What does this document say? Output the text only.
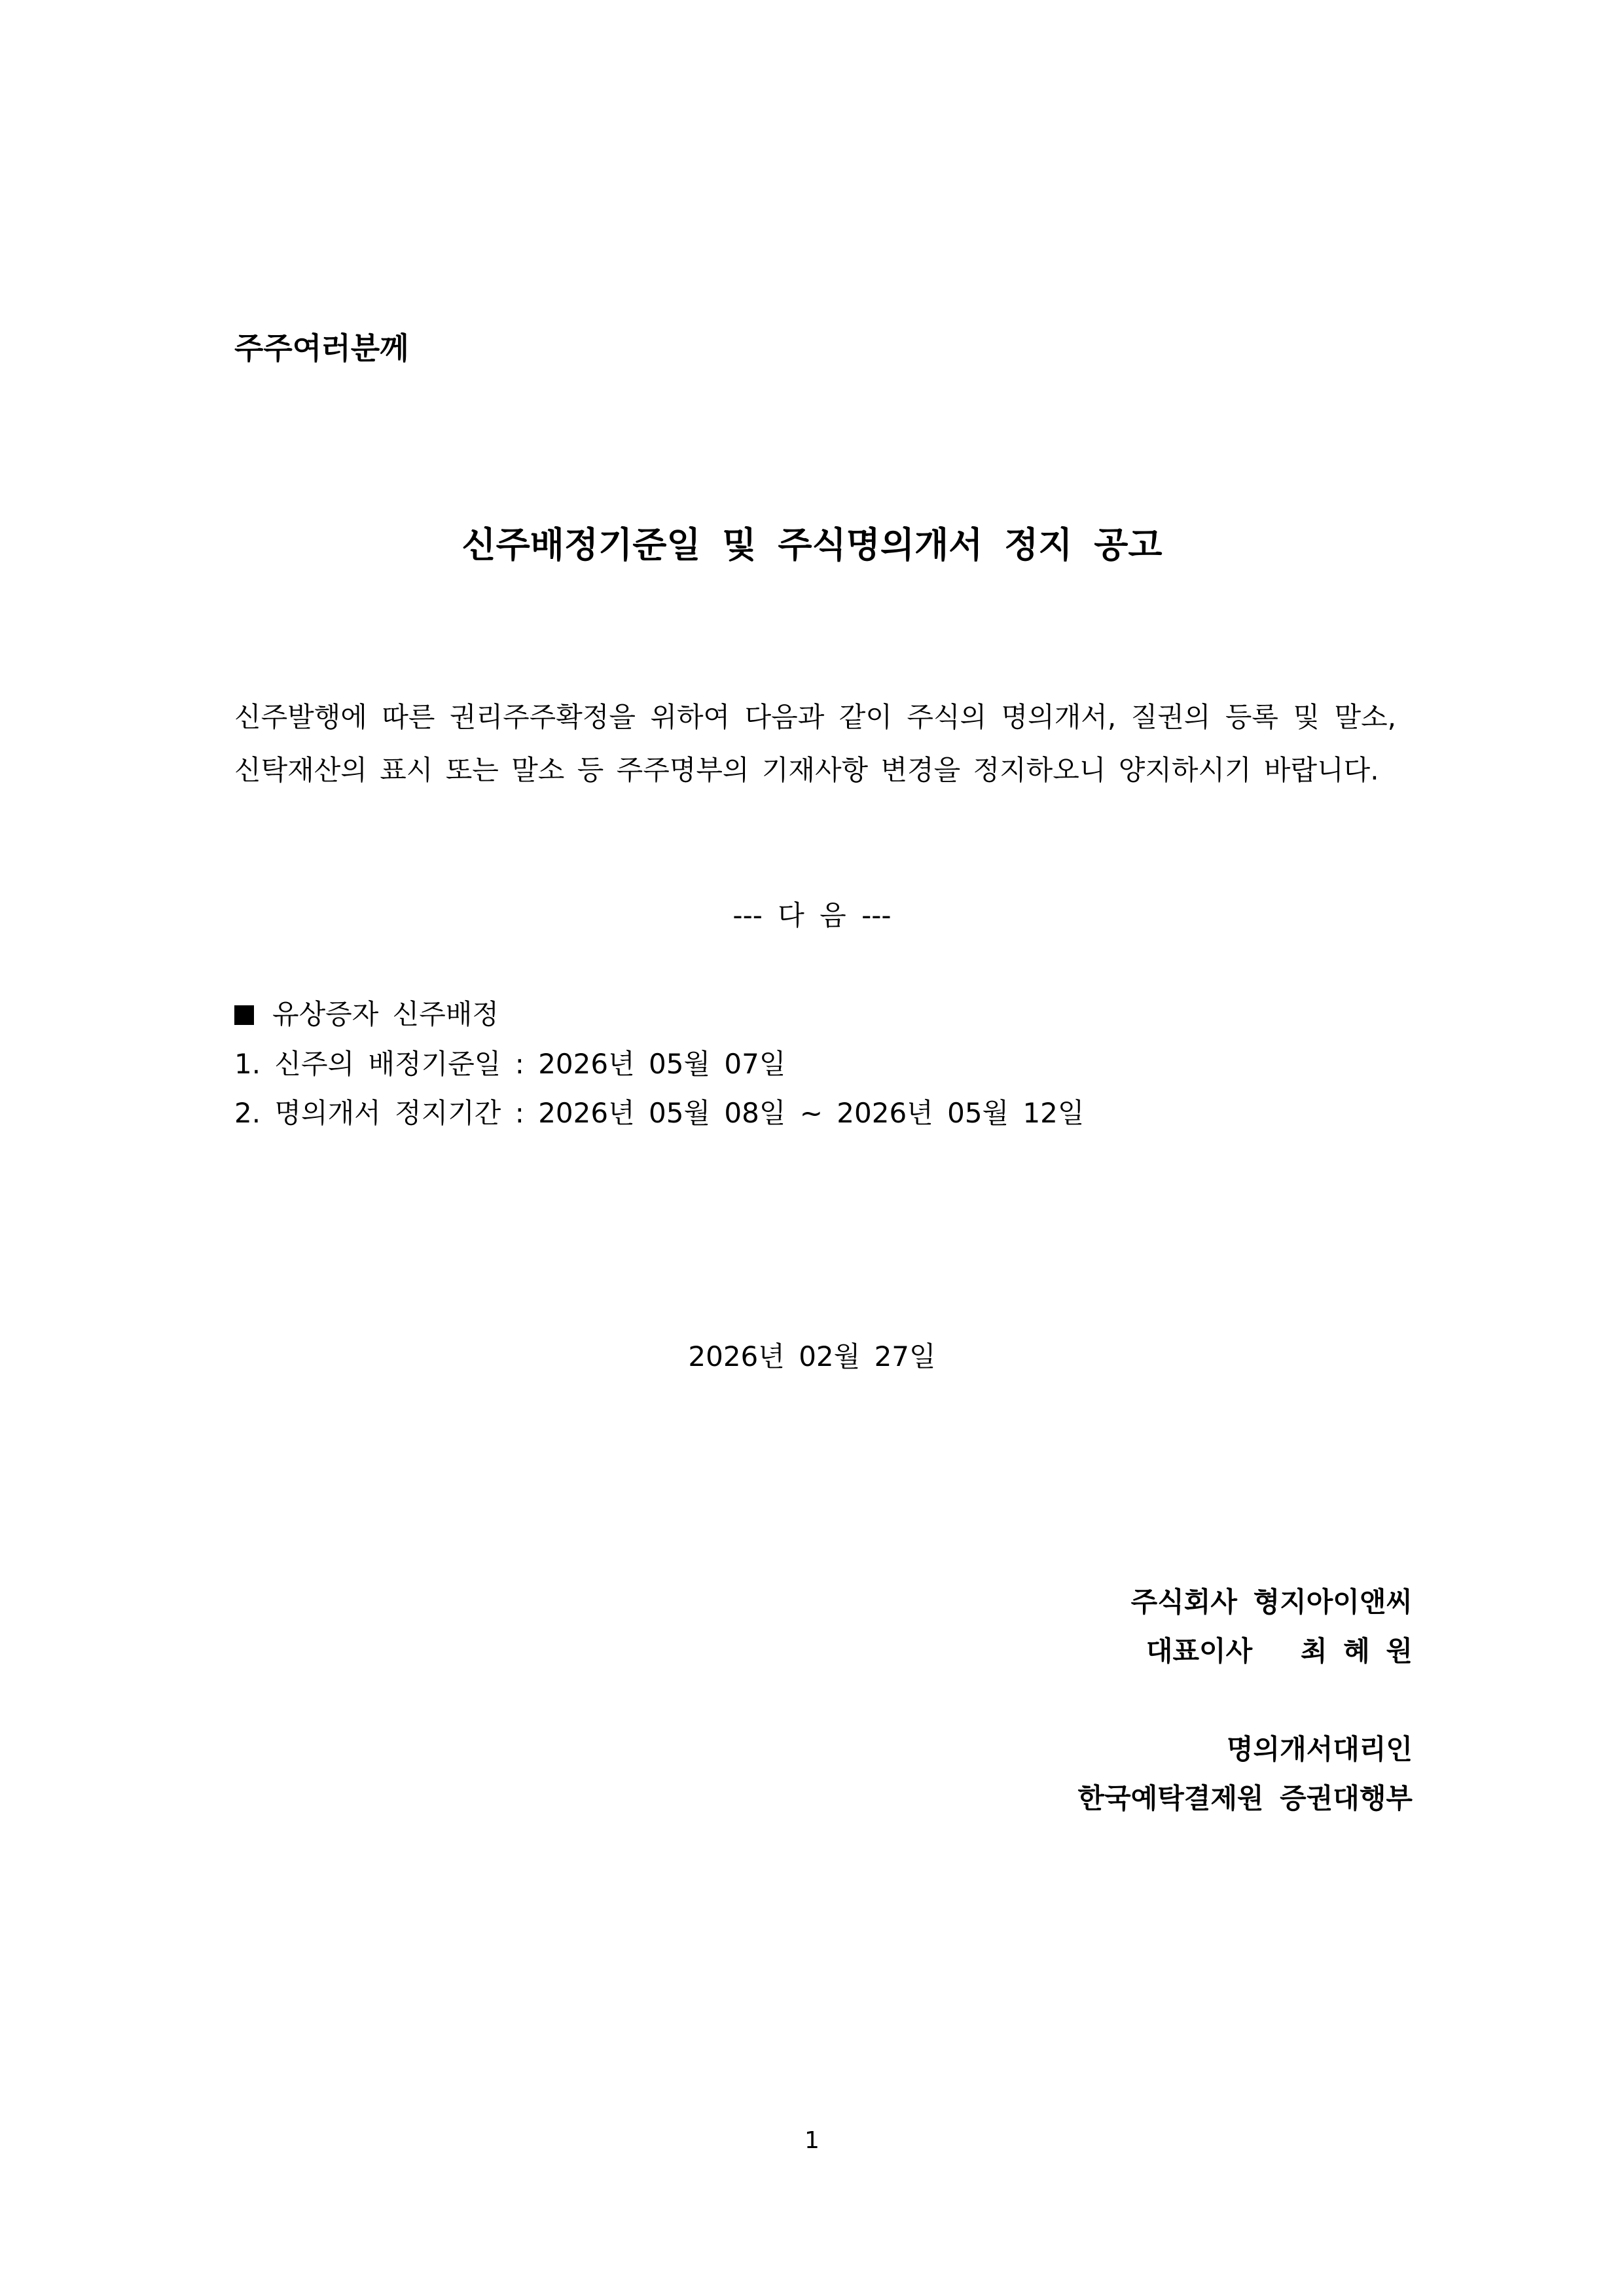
주주여러분께
신주배정기준일 및 주식명의개서 정지 공고
신주발행에 따른 권리주주확정을 위하여 다음과 같이 주식의 명의개서, 질권의 등록 및 말소, 신탁재산의 표시 또는 말소 등 주주명부의 기재사항 변경을 정지하오니 양지하시기 바랍니다.
--- 다 음 ---
유상증자 신주배정
1. 신주의 배정기준일 : 2026년 05월 07일
2. 명의개서 정지기간 : 2026년 05월 08일 ~ 2026년 05월 12일
2026년 02월 27일
주식회사 형지아이앤씨
대표이사   최 혜 원
명의개서대리인
한국예탁결제원 증권대행부
1
